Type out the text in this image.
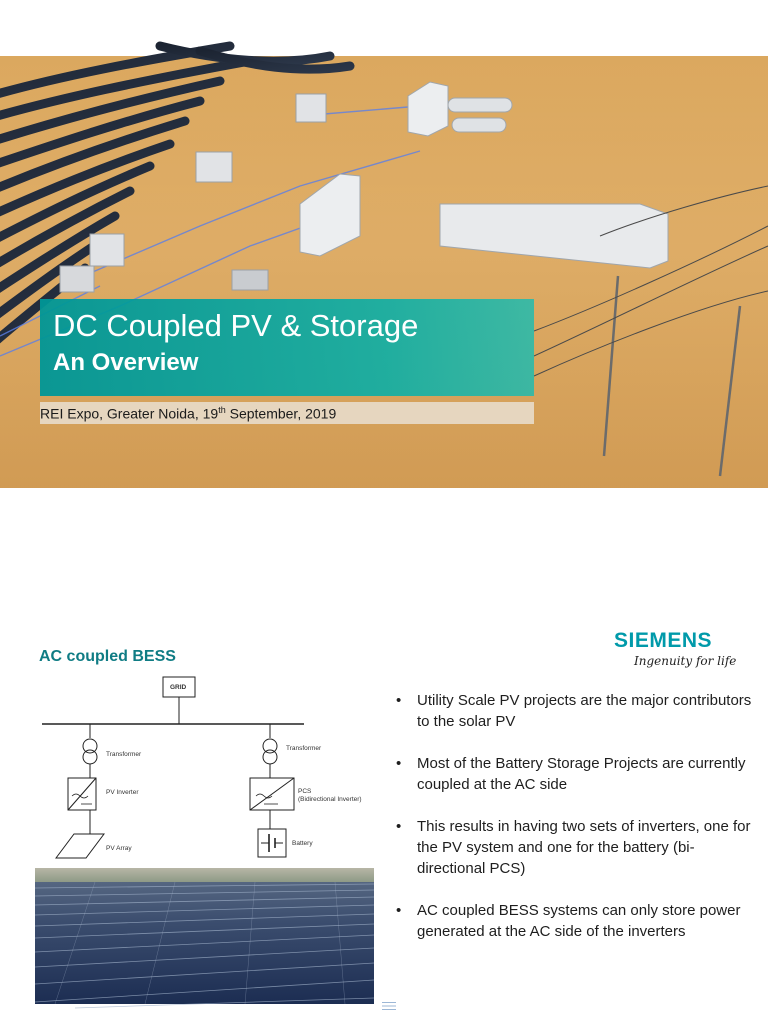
DC Coupled PV & Storage
An Overview
REI Expo, Greater Noida, 19th September, 2019
AC coupled BESS
SIEMENS
Ingenuity for life
GRID
Transformer
Transformer
PV Inverter	PCS
(Bidirectional Inverter)
PV Array
Battery
• Utility Scale PV projects are the major contributors to the solar PV
• Most of the Battery Storage Projects are currently coupled at the AC side
• This results in having two sets of inverters, one for the PV system and one for the battery (bi-directional PCS)
• AC coupled BESS systems can only store power generated at the AC side of the inverters
